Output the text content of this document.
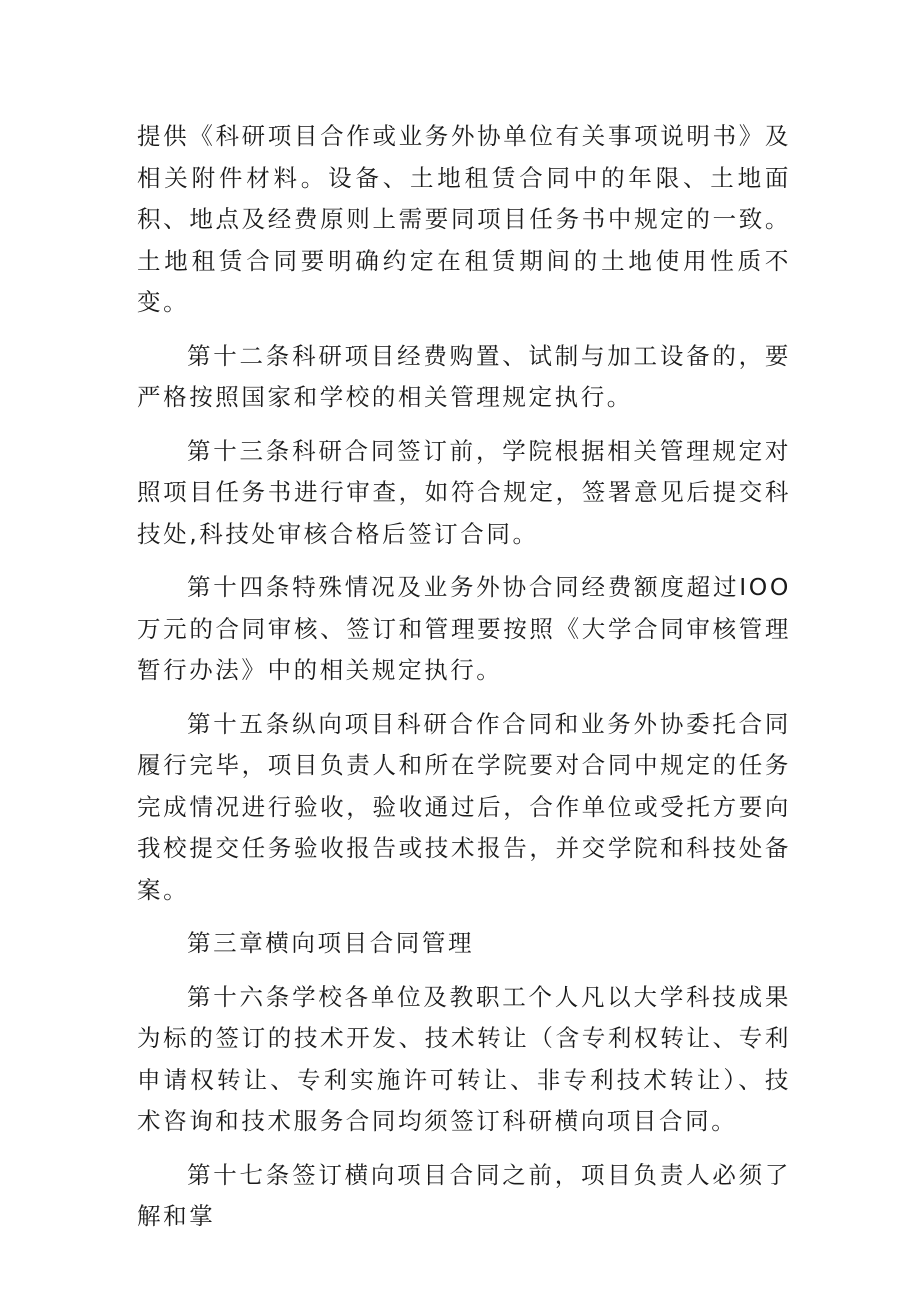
提供《科研项目合作或业务外协单位有关事项说明书》及相关附件材料。设备、土地租赁合同中的年限、土地面积、地点及经费原则上需要同项目任务书中规定的一致。土地租赁合同要明确约定在租赁期间的土地使用性质不变。

第十二条科研项目经费购置、试制与加工设备的，要严格按照国家和学校的相关管理规定执行。

第十三条科研合同签订前，学院根据相关管理规定对照项目任务书进行审查，如符合规定，签署意见后提交科技处,科技处审核合格后签订合同。

第十四条特殊情况及业务外协合同经费额度超过IOO万元的合同审核、签订和管理要按照《大学合同审核管理暂行办法》中的相关规定执行。

第十五条纵向项目科研合作合同和业务外协委托合同履行完毕，项目负责人和所在学院要对合同中规定的任务完成情况进行验收，验收通过后，合作单位或受托方要向我校提交任务验收报告或技术报告，并交学院和科技处备案。

第三章横向项目合同管理

第十六条学校各单位及教职工个人凡以大学科技成果为标的签订的技术开发、技术转让（含专利权转让、专利申请权转让、专利实施许可转让、非专利技术转让）、技术咨询和技术服务合同均须签订科研横向项目合同。

第十七条签订横向项目合同之前，项目负责人必须了解和掌
